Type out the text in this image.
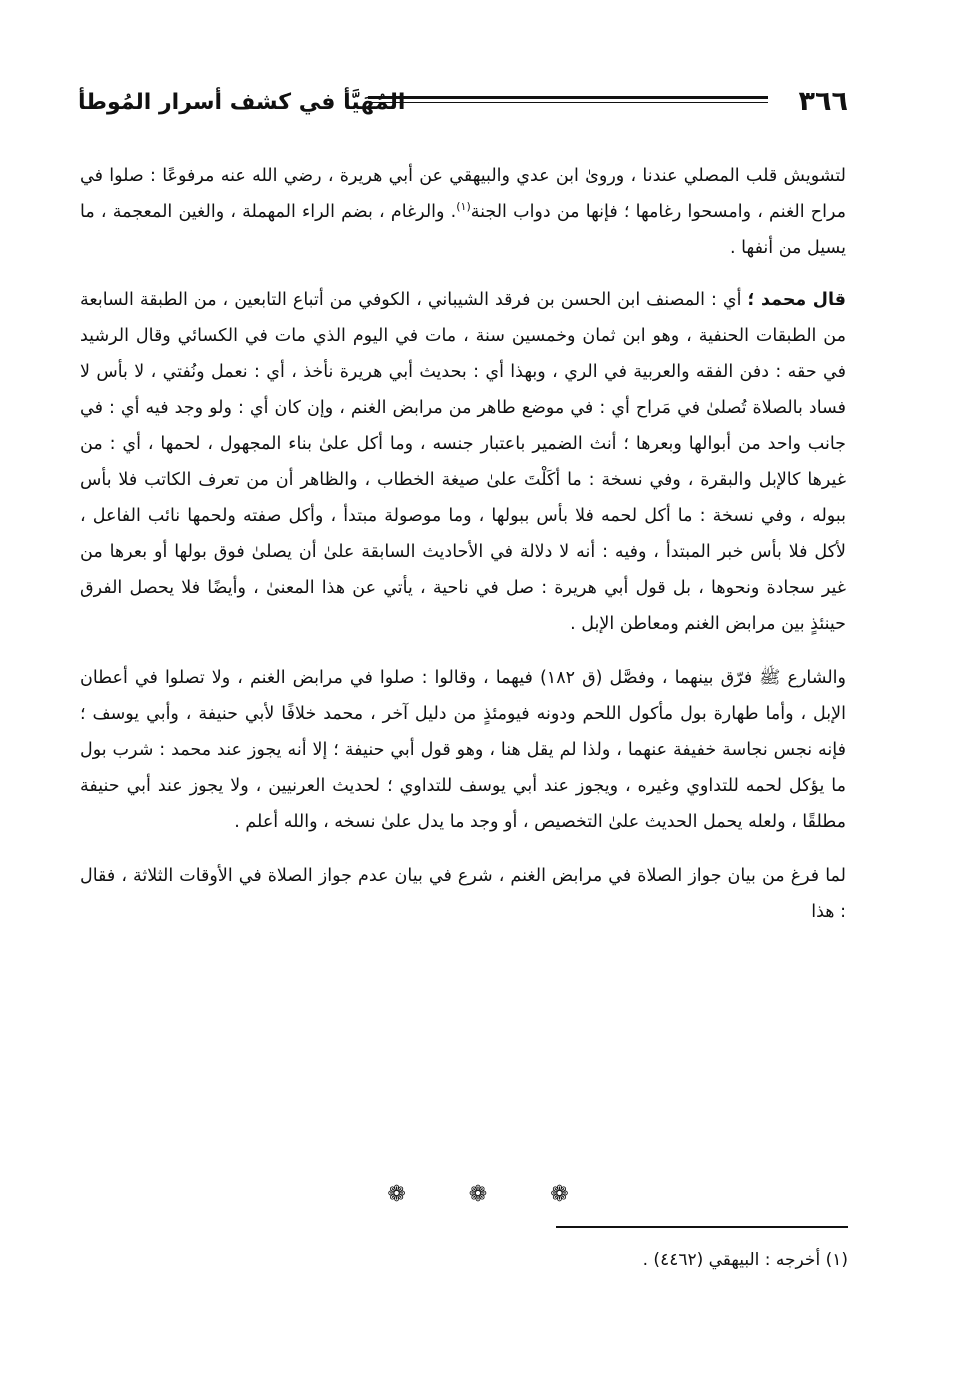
٣٦٦
المُهَيَّأ في كشف أسرار المُوطأ

لتشويش قلب المصلي عندنا ، وروىٰ ابن عدي والبيهقي عن أبي هريرة ، رضي الله عنه مرفوعًا : صلوا في مراح الغنم ، وامسحوا رغامها ؛ فإنها من دواب الجنة$^{(١)}$. والرغام ، بضم الراء المهملة ، والغين المعجمة ، ما يسيل من أنفها .

قال محمد ؛ أي : المصنف ابن الحسن بن فرقد الشيباني ، الكوفي من أتباع التابعين ، من الطبقة السابعة من الطبقات الحنفية ، وهو ابن ثمان وخمسين سنة ، مات في اليوم الذي مات في الكسائي وقال الرشيد في حقه : دفن الفقه والعربية في الري ، وبهذا أي : بحديث أبي هريرة نأخذ ، أي : نعمل ونُفتي ، لا بأس لا فساد بالصلاة تُصلىٰ في مَراح أي : في موضع طاهر من مرابض الغنم ، وإن كان أي : ولو وجد فيه أي : في جانب واحد من أبوالها وبعرها ؛ أنث الضمير باعتبار جنسه ، وما أكل علىٰ بناء المجهول ، لحمها ، أي : من غيرها كالإبل والبقرة ، وفي نسخة : ما أكَلْتَ علىٰ صيغة الخطاب ، والظاهر أن من تعرف الكاتب فلا بأس ببوله ، وفي نسخة : ما أكل لحمه فلا بأس ببولها ، وما موصولة مبتدأ ، وأكل صفته ولحمها نائب الفاعل ، لأكل فلا بأس خبر المبتدأ ، وفيه : أنه لا دلالة في الأحاديث السابقة علىٰ أن يصلىٰ فوق بولها أو بعرها من غير سجادة ونحوها ، بل قول أبي هريرة : صل في ناحية ، يأتي عن هذا المعنىٰ ، وأيضًا فلا يحصل الفرق حينئذٍ بين مرابض الغنم ومعاطن الإبل .

والشارع ﷺ فرّق بينهما ، وفصَّل (ق ١٨٢) فيهما ، وقالوا : صلوا في مرابض الغنم ، ولا تصلوا في أعطان الإبل ، وأما طهارة بول مأكول اللحم ودونه فيومئذٍ من دليل آخر ، محمد خلافًا لأبي حنيفة ، وأبي يوسف ؛ فإنه نجس نجاسة خفيفة عنهما ، ولذا لم يقل هنا ، وهو قول أبي حنيفة ؛ إلا أنه يجوز عند محمد : شرب بول ما يؤكل لحمه للتداوي وغيره ، ويجوز عند أبي يوسف للتداوي ؛ لحديث العرنيين ، ولا يجوز عند أبي حنيفة مطلقًا ، ولعله يحمل الحديث علىٰ التخصيص ، أو وجد ما يدل علىٰ نسخه ، والله أعلم .

لما فرغ من بيان جواز الصلاة في مرابض الغنم ، شرع في بيان عدم جواز الصلاة في الأوقات الثلاثة ، فقال : هذا

❁ ❁ ❁
(١) أخرجه : البيهقي (٤٤٦٢) .
